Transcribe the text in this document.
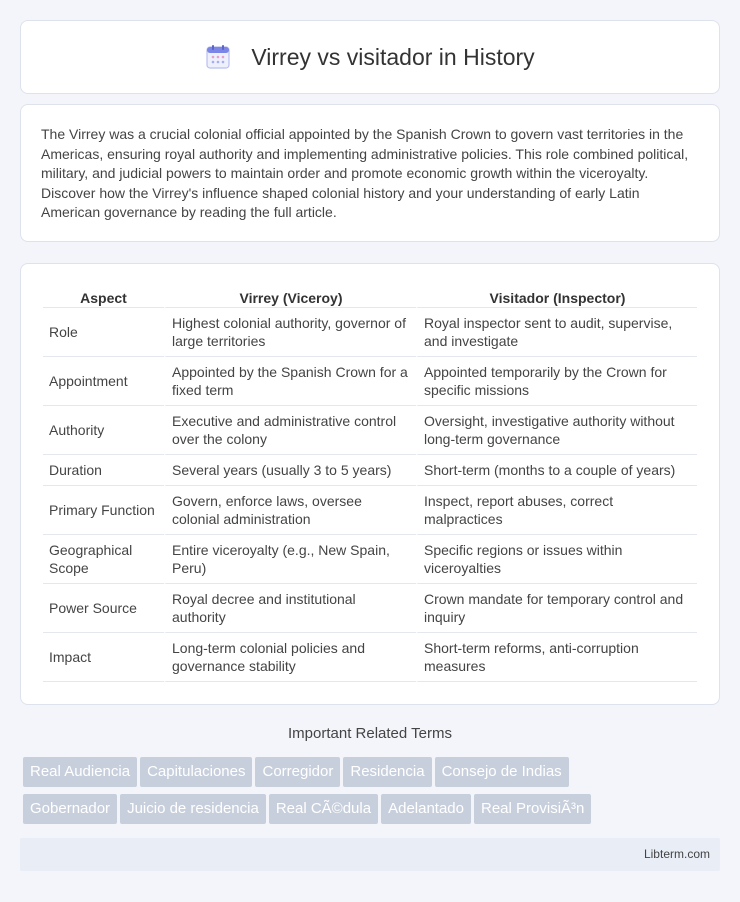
Virrey vs visitador in History

The Virrey was a crucial colonial official appointed by the Spanish Crown to govern vast territories in the Americas, ensuring royal authority and implementing administrative policies. This role combined political, military, and judicial powers to maintain order and promote economic growth within the viceroyalty. Discover how the Virrey's influence shaped colonial history and your understanding of early Latin American governance by reading the full article.

Aspect	Virrey (Viceroy)	Visitador (Inspector)
Role	Highest colonial authority, governor of large territories	Royal inspector sent to audit, supervise, and investigate
Appointment	Appointed by the Spanish Crown for a fixed term	Appointed temporarily by the Crown for specific missions
Authority	Executive and administrative control over the colony	Oversight, investigative authority without long-term governance
Duration	Several years (usually 3 to 5 years)	Short-term (months to a couple of years)
Primary Function	Govern, enforce laws, oversee colonial administration	Inspect, report abuses, correct malpractices
Geographical Scope	Entire viceroyalty (e.g., New Spain, Peru)	Specific regions or issues within viceroyalties
Power Source	Royal decree and institutional authority	Crown mandate for temporary control and inquiry
Impact	Long-term colonial policies and governance stability	Short-term reforms, anti-corruption measures
Important Related Terms
Real Audiencia Capitulaciones Corregidor Residencia Consejo de Indias
Gobernador Juicio de residencia Real CÃ©dula Adelantado Real ProvisiÃ³n
Libterm.com
